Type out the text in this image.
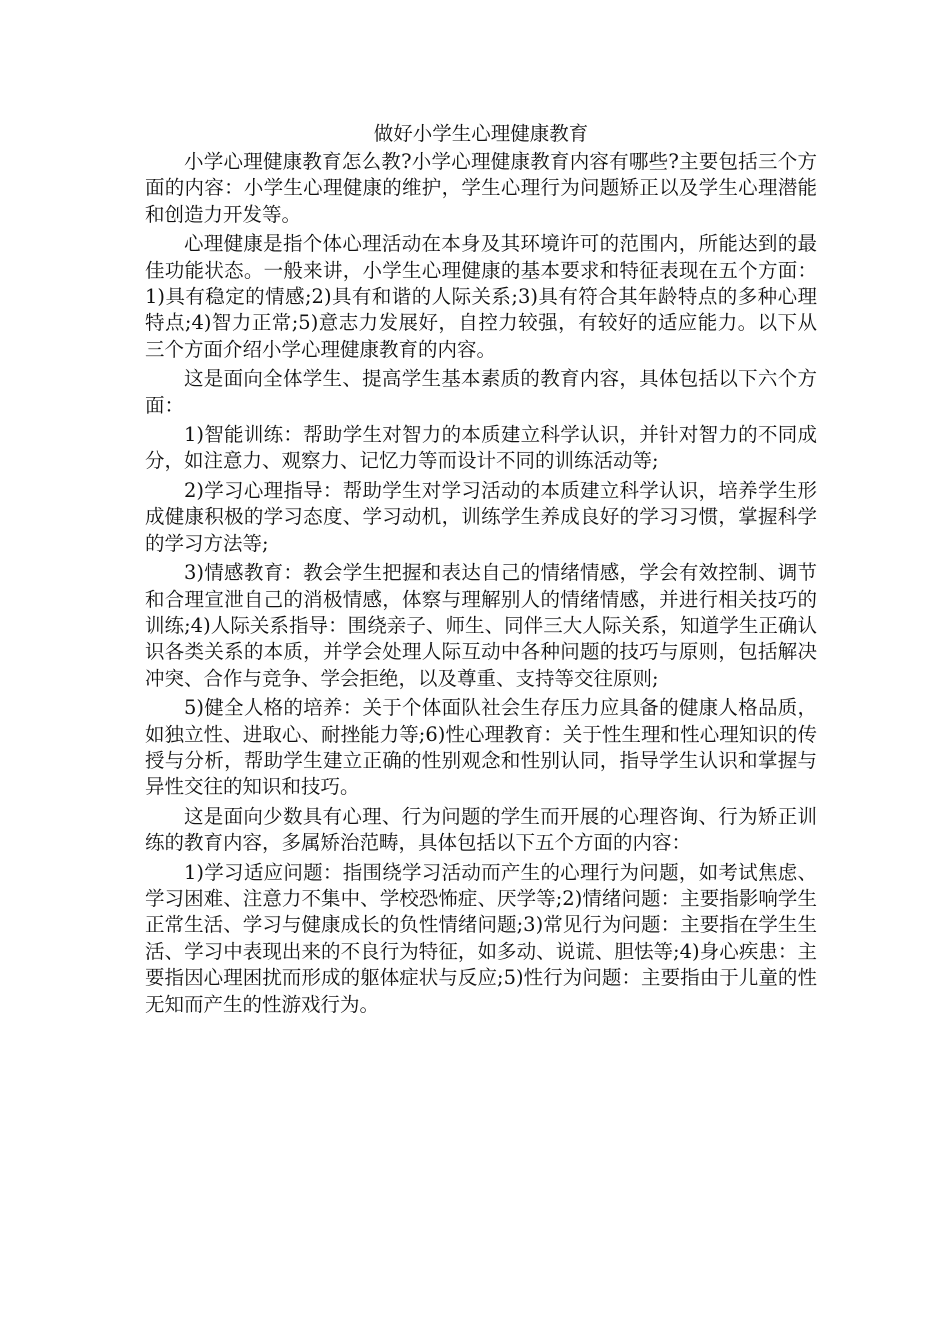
做好小学生心理健康教育

小学心理健康教育怎么教?小学心理健康教育内容有哪些?主要包括三个方面的内容：小学生心理健康的维护，学生心理行为问题矫正以及学生心理潜能和创造力开发等。

心理健康是指个体心理活动在本身及其环境许可的范围内，所能达到的最佳功能状态。一般来讲，小学生心理健康的基本要求和特征表现在五个方面：1)具有稳定的情感;2)具有和谐的人际关系;3)具有符合其年龄特点的多种心理特点;4)智力正常;5)意志力发展好，自控力较强，有较好的适应能力。以下从三个方面介绍小学心理健康教育的内容。

这是面向全体学生、提高学生基本素质的教育内容，具体包括以下六个方面：

1)智能训练：帮助学生对智力的本质建立科学认识，并针对智力的不同成分，如注意力、观察力、记忆力等而设计不同的训练活动等;

2)学习心理指导：帮助学生对学习活动的本质建立科学认识，培养学生形成健康积极的学习态度、学习动机，训练学生养成良好的学习习惯，掌握科学的学习方法等;

3)情感教育：教会学生把握和表达自己的情绪情感，学会有效控制、调节和合理宣泄自己的消极情感，体察与理解别人的情绪情感，并进行相关技巧的训练;4)人际关系指导：围绕亲子、师生、同伴三大人际关系，知道学生正确认识各类关系的本质，并学会处理人际互动中各种问题的技巧与原则，包括解决冲突、合作与竞争、学会拒绝，以及尊重、支持等交往原则;

5)健全人格的培养：关于个体面队社会生存压力应具备的健康人格品质，如独立性、进取心、耐挫能力等;6)性心理教育：关于性生理和性心理知识的传授与分析，帮助学生建立正确的性别观念和性别认同，指导学生认识和掌握与异性交往的知识和技巧。

这是面向少数具有心理、行为问题的学生而开展的心理咨询、行为矫正训练的教育内容，多属矫治范畴，具体包括以下五个方面的内容：

1)学习适应问题：指围绕学习活动而产生的心理行为问题，如考试焦虑、学习困难、注意力不集中、学校恐怖症、厌学等;2)情绪问题：主要指影响学生正常生活、学习与健康成长的负性情绪问题;3)常见行为问题：主要指在学生生活、学习中表现出来的不良行为特征，如多动、说谎、胆怯等;4)身心疾患：主要指因心理困扰而形成的躯体症状与反应;5)性行为问题：主要指由于儿童的性无知而产生的性游戏行为。
